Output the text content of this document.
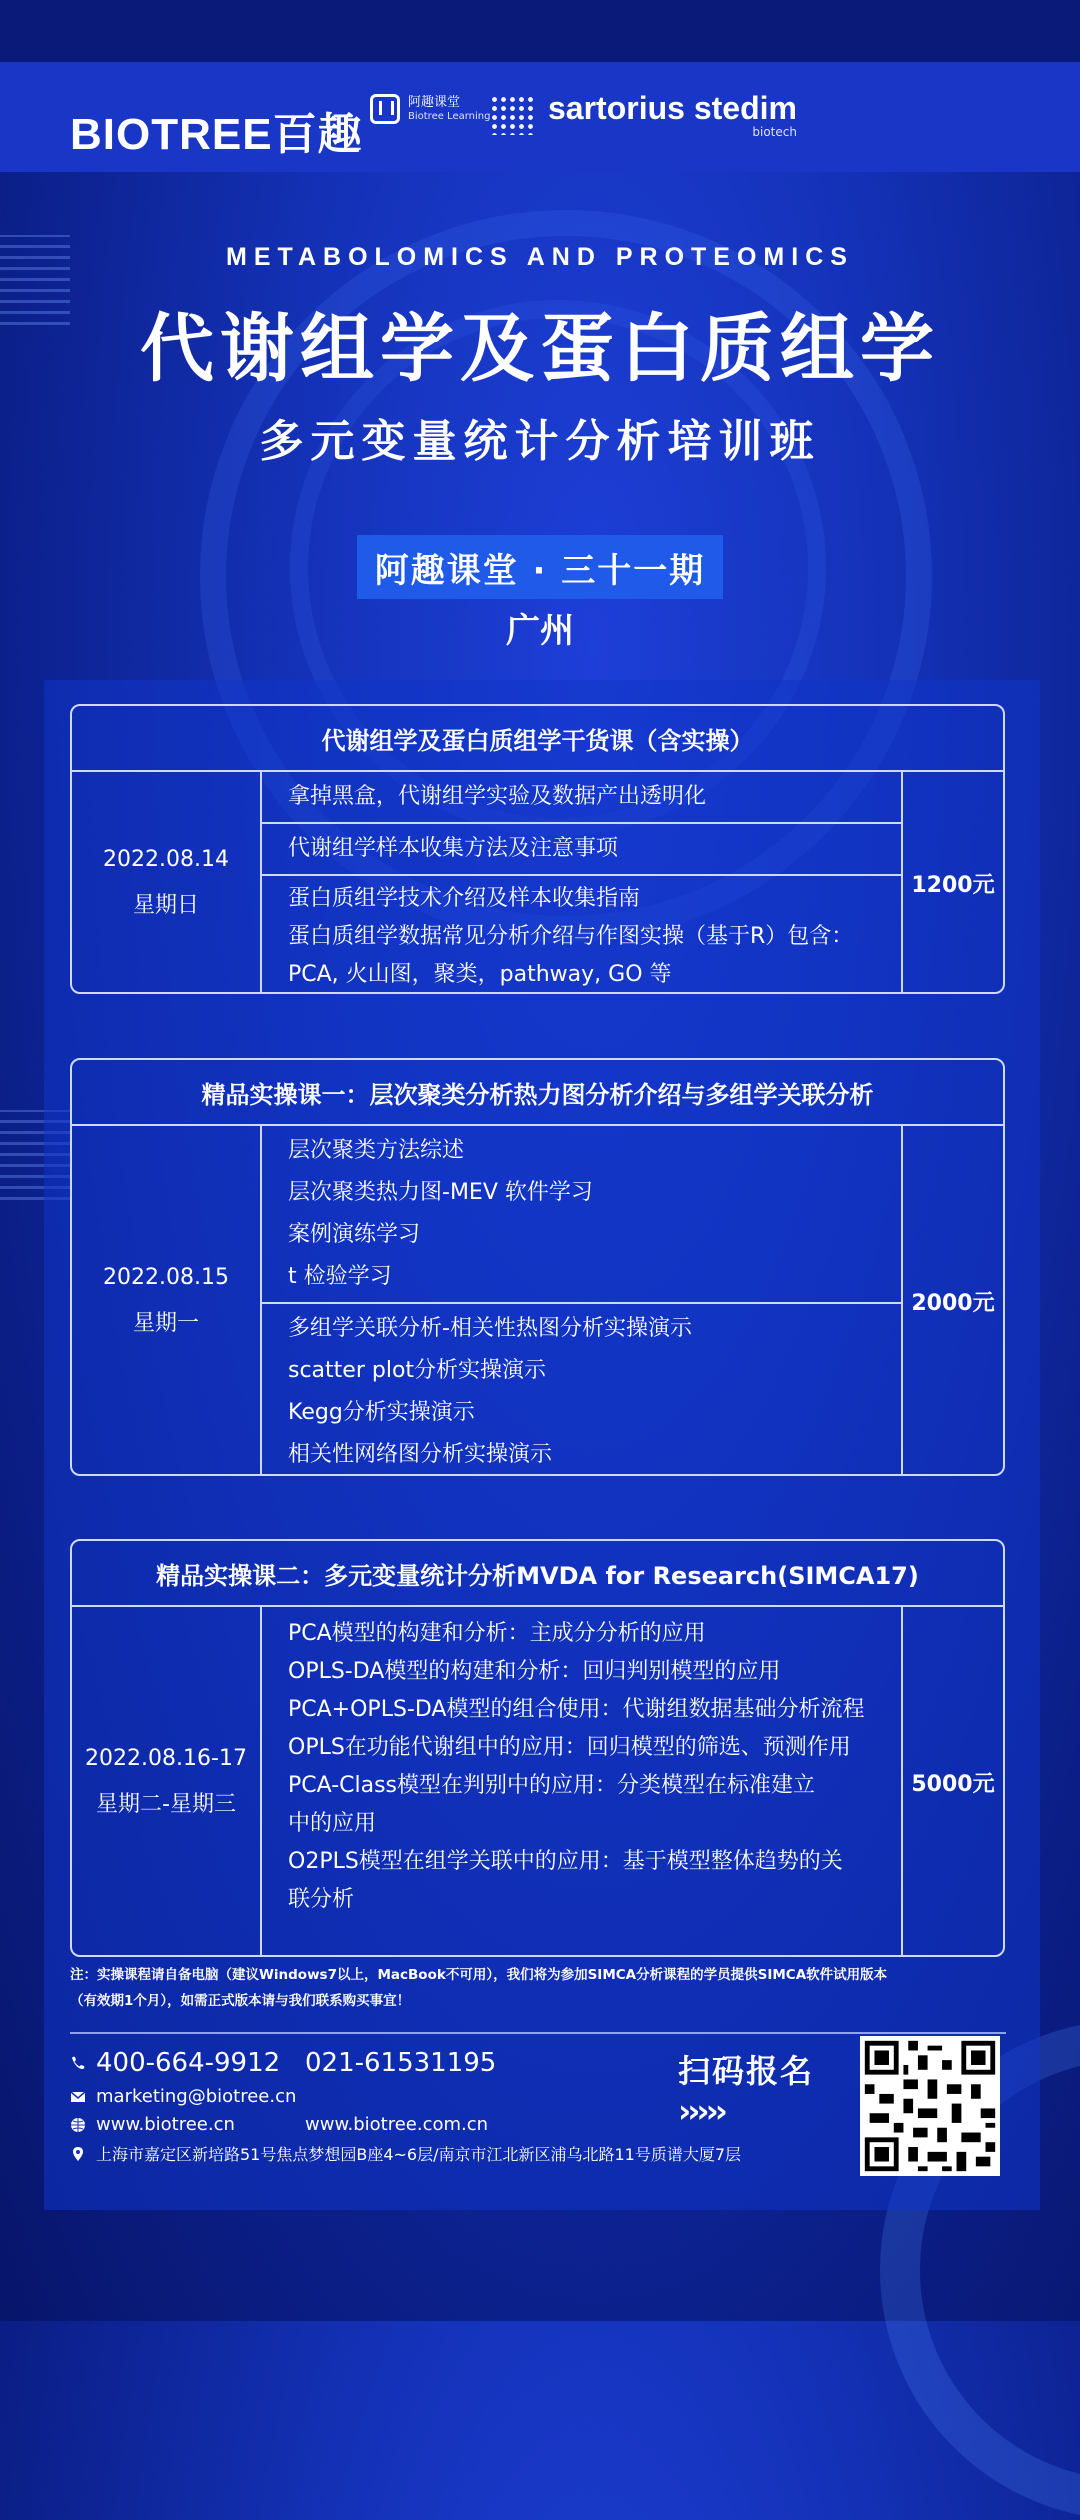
BIOTREE百趣
阿趣课堂
Biotree Learning sartorius stedim
biotech
METABOLOMICS AND PROTEOMICS
代谢组学及蛋白质组学
多元变量统计分析培训班
阿趣课堂 · 三十一期
广州
代谢组学及蛋白质组学干货课（含实操）
2022.08.14
星期日
拿掉黑盒，代谢组学实验及数据产出透明化
代谢组学样本收集方法及注意事项
蛋白质组学技术介绍及样本收集指南
蛋白质组学数据常见分析介绍与作图实操（基于R）包含：
PCA, 火山图，聚类，pathway, GO 等
1200元
精品实操课一：层次聚类分析热力图分析介绍与多组学关联分析
2022.08.15
星期一
层次聚类方法综述
层次聚类热力图-MEV 软件学习
案例演练学习
t 检验学习
多组学关联分析-相关性热图分析实操演示
scatter plot分析实操演示
Kegg分析实操演示
相关性网络图分析实操演示
2000元
精品实操课二：多元变量统计分析MVDA for Research(SIMCA17)
2022.08.16-17
星期二-星期三
PCA模型的构建和分析：主成分分析的应用
OPLS-DA模型的构建和分析：回归判别模型的应用
PCA+OPLS-DA模型的组合使用：代谢组数据基础分析流程
OPLS在功能代谢组中的应用：回归模型的筛选、预测作用
PCA-Class模型在判别中的应用：分类模型在标准建立
中的应用
O2PLS模型在组学关联中的应用：基于模型整体趋势的关
联分析
5000元
注：实操课程请自备电脑（建议Windows7以上，MacBook不可用），我们将为参加SIMCA分析课程的学员提供SIMCA软件试用版本
（有效期1个月），如需正式版本请与我们联系购买事宜！
400-664-9912 021-61531195
marketing@biotree.cn
www.biotree.cn	www.biotree.com.cn
上海市嘉定区新培路51号焦点梦想园B座4~6层/南京市江北新区浦乌北路11号质谱大厦7层
扫码报名
›››››
